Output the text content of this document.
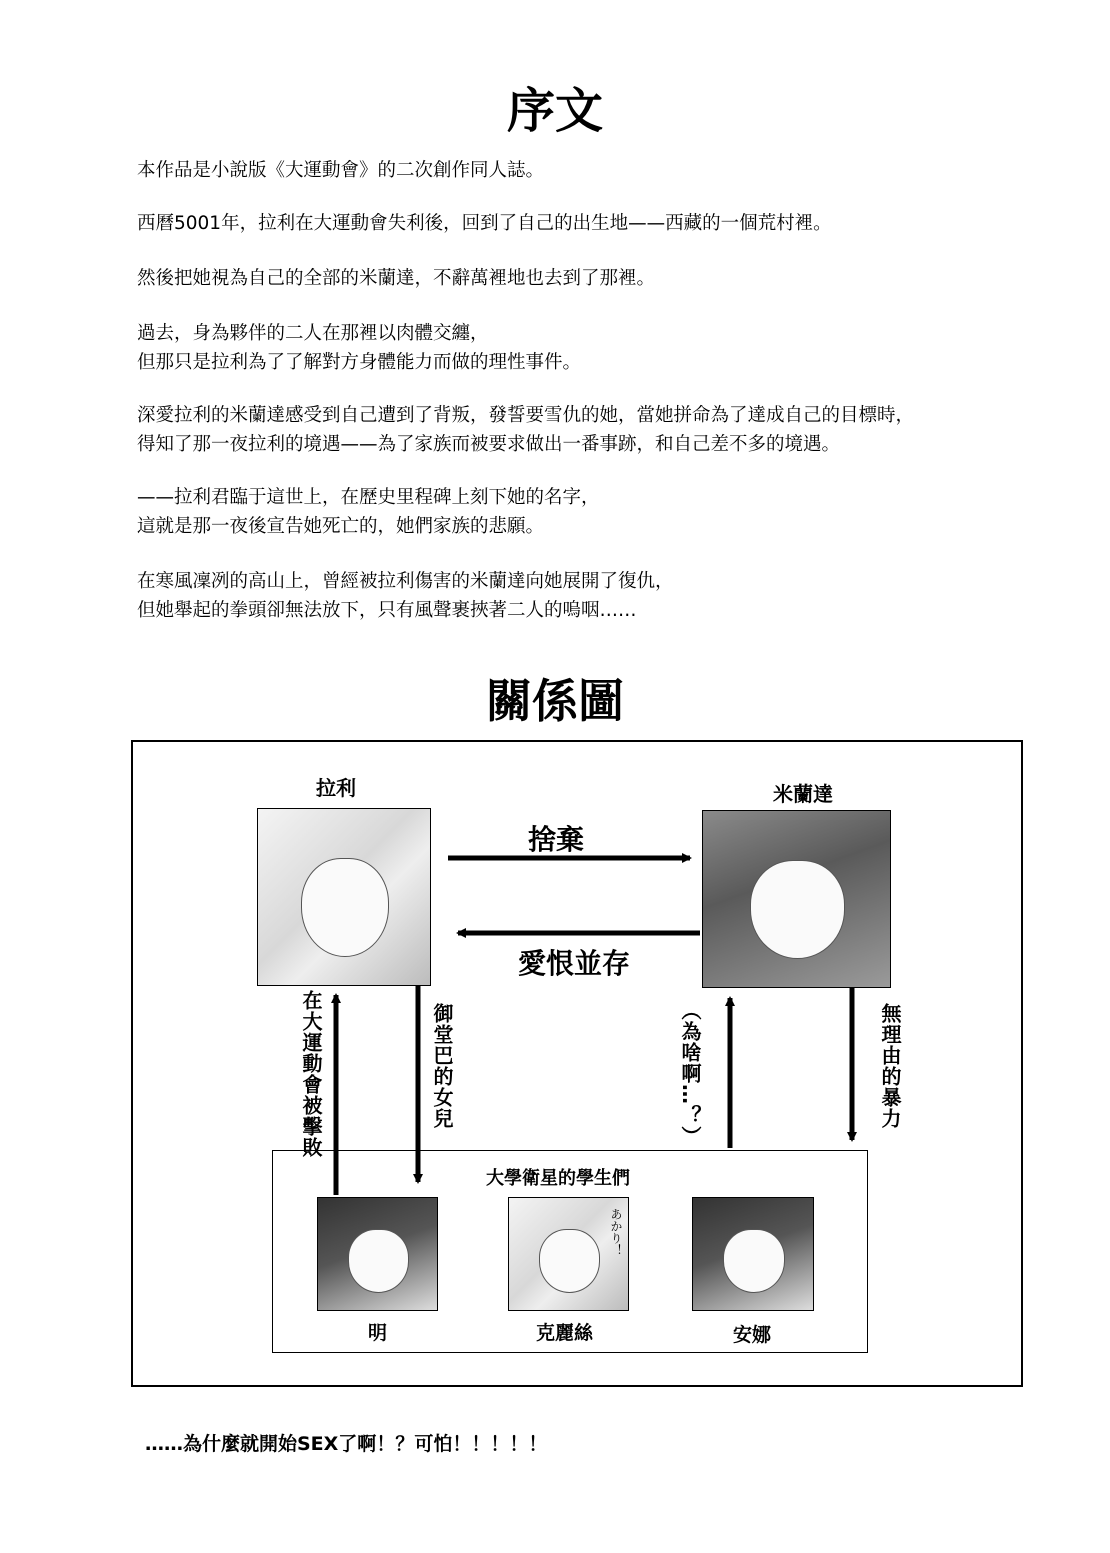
序文
本作品是小說版《大運動會》的二次創作同人誌。
西曆5001年，拉利在大運動會失利後，回到了自己的出生地——西藏的一個荒村裡。
然後把她視為自己的全部的米蘭達，不辭萬裡地也去到了那裡。
過去，身為夥伴的二人在那裡以肉體交纏，
但那只是拉利為了了解對方身體能力而做的理性事件。
深愛拉利的米蘭達感受到自己遭到了背叛，發誓要雪仇的她，當她拼命為了達成自己的目標時，
得知了那一夜拉利的境遇——為了家族而被要求做出一番事跡，和自己差不多的境遇。
——拉利君臨于這世上，在歷史里程碑上刻下她的名字，
這就是那一夜後宣告她死亡的，她們家族的悲願。
在寒風凜冽的高山上，曾經被拉利傷害的米蘭達向她展開了復仇，
但她舉起的拳頭卻無法放下，只有風聲裹挾著二人的嗚咽……
關係圖
拉利	米蘭達
捨棄
愛恨並存
在大運動會被擊敗	御堂巴的女兒	（為啥啊…？）	無理由的暴力
大學衛星的學生們
あかり！
明	克麗絲	安娜
……為什麼就開始SEX了啊！？可怕！！！！！
